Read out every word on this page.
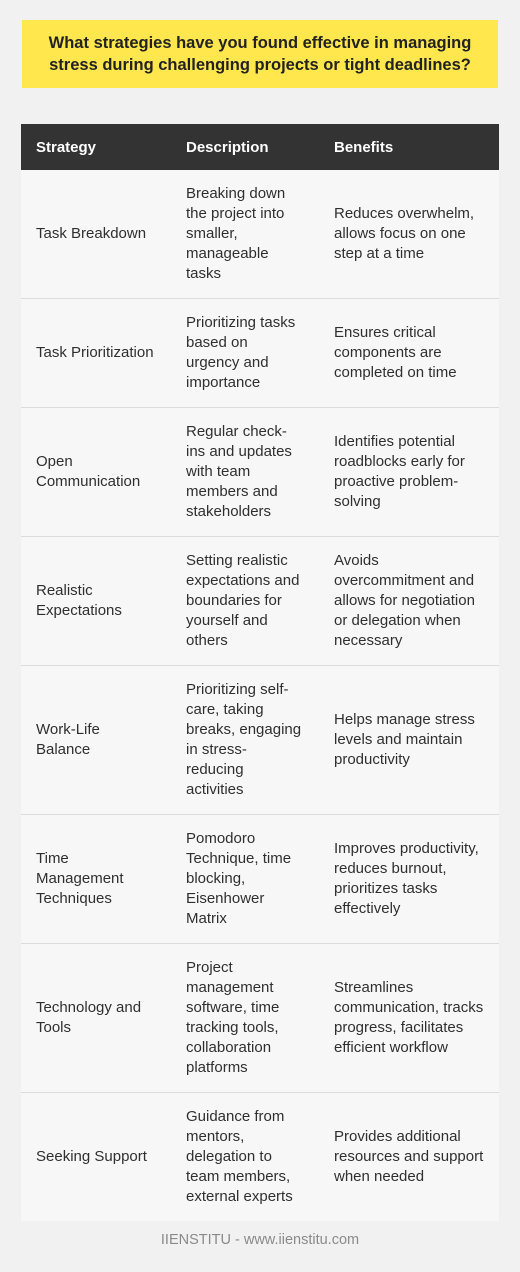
What strategies have you found effective in managing stress during challenging projects or tight deadlines?
Strategy	Description	Benefits
Task Breakdown	Breaking down the project into smaller, manageable tasks	Reduces overwhelm, allows focus on one step at a time
Task Prioritization	Prioritizing tasks based on urgency and importance	Ensures critical components are completed on time
Open Communication	Regular check-ins and updates with team members and stakeholders	Identifies potential roadblocks early for proactive problem-solving
Realistic Expectations	Setting realistic expectations and boundaries for yourself and others	Avoids overcommitment and allows for negotiation or delegation when necessary
Work-Life Balance	Prioritizing self-care, taking breaks, engaging in stress-reducing activities	Helps manage stress levels and maintain productivity
Time Management Techniques	Pomodoro Technique, time blocking, Eisenhower Matrix	Improves productivity, reduces burnout, prioritizes tasks effectively
Technology and Tools	Project management software, time tracking tools, collaboration platforms	Streamlines communication, tracks progress, facilitates efficient workflow
Seeking Support	Guidance from mentors, delegation to team members, external experts	Provides additional resources and support when needed
IIENSTITU - www.iienstitu.com
